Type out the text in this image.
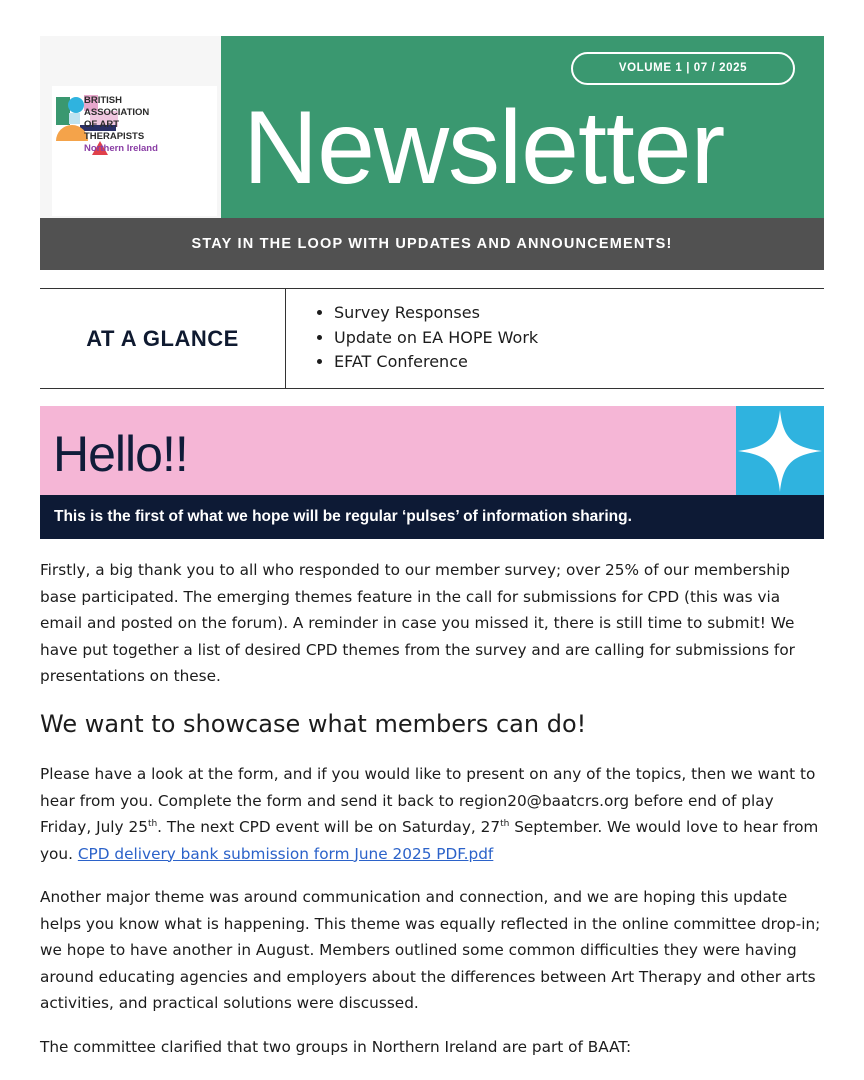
BRITISH
ASSOCIATION
OF ART
THERAPISTS
Northern Ireland
VOLUME 1 | 07 / 2025
Newsletter
STAY IN THE LOOP WITH UPDATES AND ANNOUNCEMENTS!
AT A GLANCE
• Survey Responses
• Update on EA HOPE Work
• EFAT Conference
Hello!!
This is the first of what we hope will be regular ‘pulses’ of information sharing.

Firstly, a big thank you to all who responded to our member survey; over 25% of our membership base participated. The emerging themes feature in the call for submissions for CPD (this was via email and posted on the forum). A reminder in case you missed it, there is still time to submit! We have put together a list of desired CPD themes from the survey and are calling for submissions for presentations on these.

We want to showcase what members can do!

Please have a look at the form, and if you would like to present on any of the topics, then we want to hear from you. Complete the form and send it back to region20@baatcrs.org before end of play Friday, July 25th. The next CPD event will be on Saturday, 27th September. We would love to hear from you. CPD delivery bank submission form June 2025 PDF.pdf

Another major theme was around communication and connection, and we are hoping this update helps you know what is happening. This theme was equally reflected in the online committee drop-in; we hope to have another in August. Members outlined some common difficulties they were having around educating agencies and employers about the differences between Art Therapy and other arts activities, and practical solutions were discussed.

The committee clarified that two groups in Northern Ireland are part of BAAT:
